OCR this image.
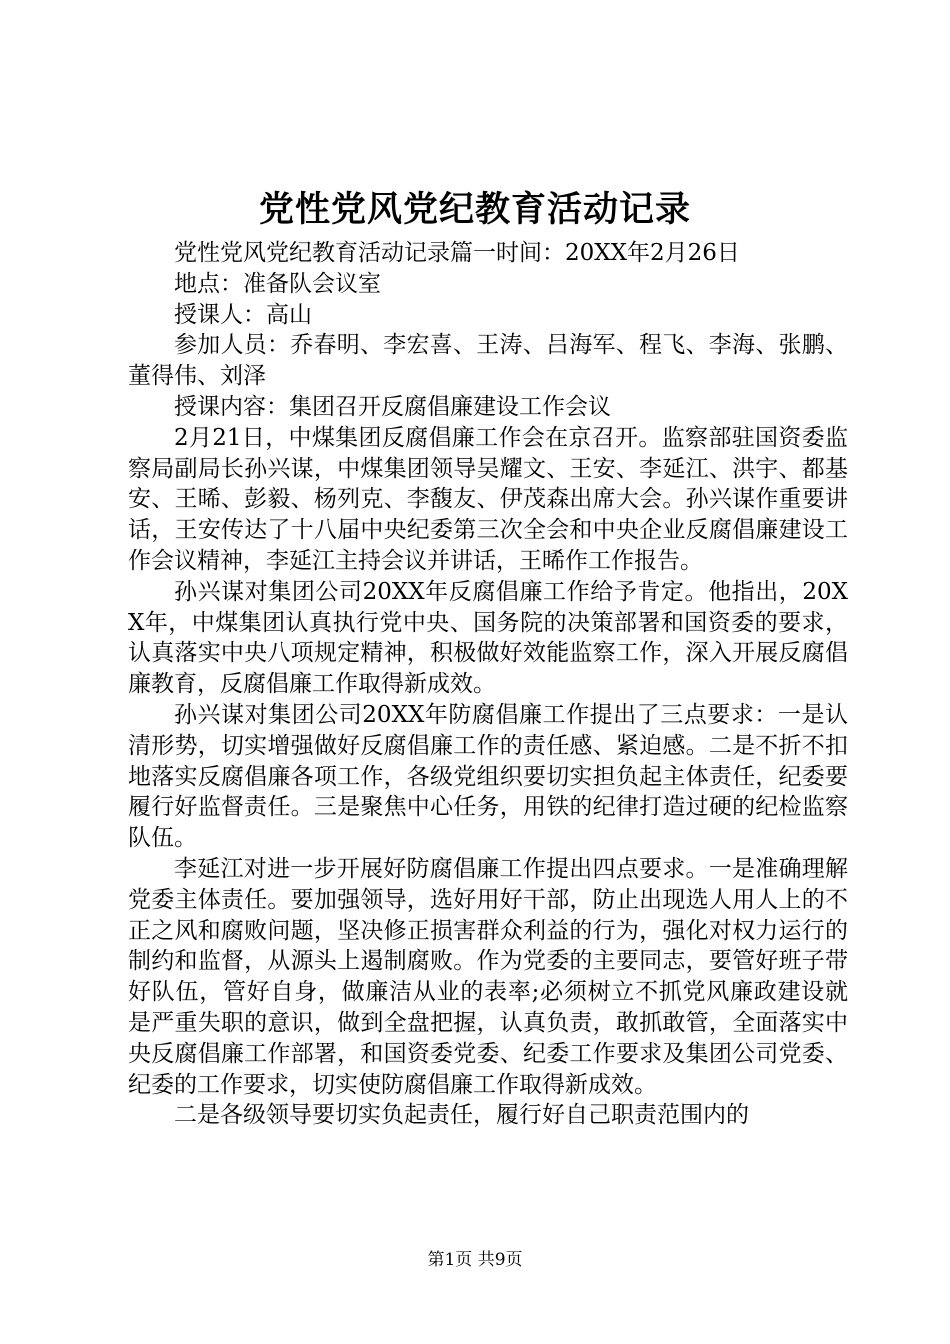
党性党风党纪教育活动记录

党性党风党纪教育活动记录篇一时间：20XX年2月26日

地点：准备队会议室

授课人：高山

参加人员：乔春明、李宏喜、王涛、吕海军、程飞、李海、张鹏、董得伟、刘泽

授课内容：集团召开反腐倡廉建设工作会议

2月21日，中煤集团反腐倡廉工作会在京召开。监察部驻国资委监察局副局长孙兴谋，中煤集团领导吴耀文、王安、李延江、洪宇、都基安、王晞、彭毅、杨列克、李馥友、伊茂森出席大会。孙兴谋作重要讲话，王安传达了十八届中央纪委第三次全会和中央企业反腐倡廉建设工作会议精神，李延江主持会议并讲话，王晞作工作报告。

孙兴谋对集团公司20XX年反腐倡廉工作给予肯定。他指出，20XX年，中煤集团认真执行党中央、国务院的决策部署和国资委的要求，认真落实中央八项规定精神，积极做好效能监察工作，深入开展反腐倡廉教育，反腐倡廉工作取得新成效。

孙兴谋对集团公司20XX年防腐倡廉工作提出了三点要求：一是认清形势，切实增强做好反腐倡廉工作的责任感、紧迫感。二是不折不扣地落实反腐倡廉各项工作，各级党组织要切实担负起主体责任，纪委要履行好监督责任。三是聚焦中心任务，用铁的纪律打造过硬的纪检监察队伍。

李延江对进一步开展好防腐倡廉工作提出四点要求。一是准确理解党委主体责任。要加强领导，选好用好干部，防止出现选人用人上的不正之风和腐败问题，坚决修正损害群众利益的行为，强化对权力运行的制约和监督，从源头上遏制腐败。作为党委的主要同志，要管好班子带好队伍，管好自身，做廉洁从业的表率;必须树立不抓党风廉政建设就是严重失职的意识，做到全盘把握，认真负责，敢抓敢管，全面落实中央反腐倡廉工作部署，和国资委党委、纪委工作要求及集团公司党委、纪委的工作要求，切实使防腐倡廉工作取得新成效。

二是各级领导要切实负起责任，履行好自己职责范围内的

第1页 共9页
